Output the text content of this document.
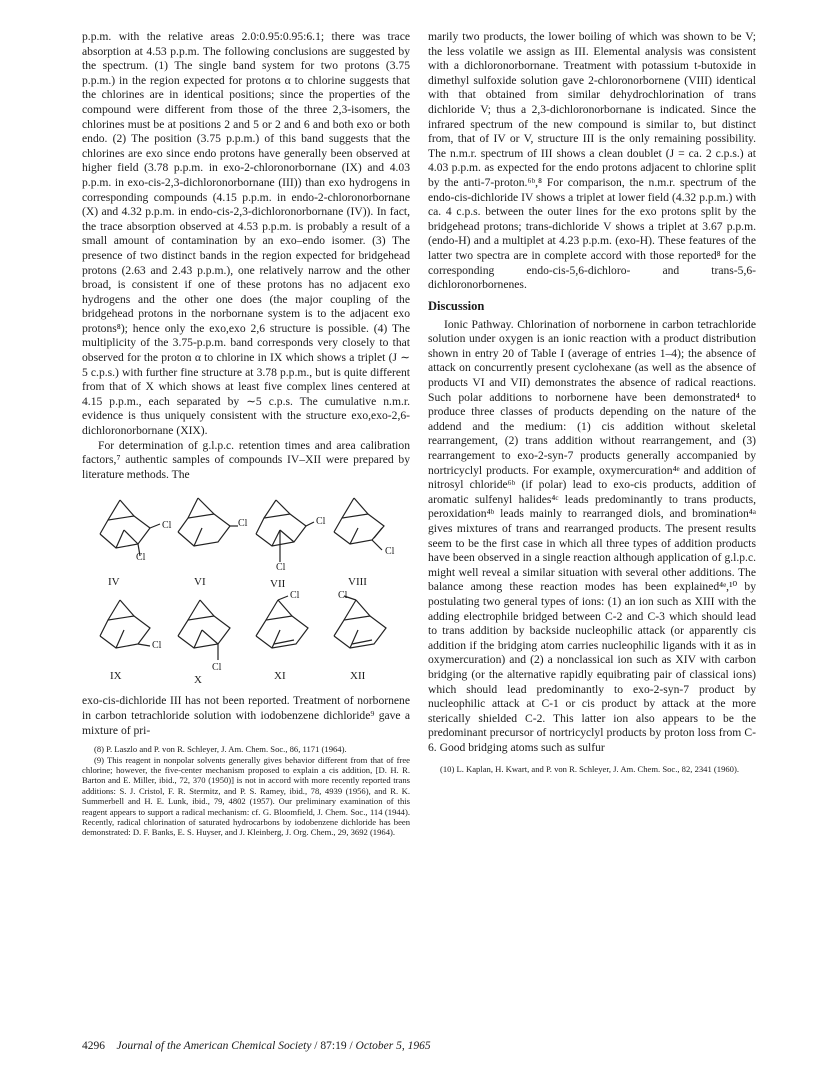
p.p.m. with the relative areas 2.0:0.95:0.95:6.1; there was trace absorption at 4.53 p.p.m. The following conclusions are suggested by the spectrum. (1) The single band system for two protons (3.75 p.p.m.) in the region expected for protons α to chlorine suggests that the chlorines are in identical positions; since the properties of the compound were different from those of the three 2,3-isomers, the chlorines must be at positions 2 and 5 or 2 and 6 and both exo or both endo. (2) The position (3.75 p.p.m.) of this band suggests that the chlorines are exo since endo protons have generally been observed at higher field (3.78 p.p.m. in exo-2-chloronorbornane (IX) and 4.03 p.p.m. in exo-cis-2,3-dichloronorbornane (III)) than exo hydrogens in corresponding compounds (4.15 p.p.m. in endo-2-chloronorbornane (X) and 4.32 p.p.m. in endo-cis-2,3-dichloronorbornane (IV)). In fact, the trace absorption observed at 4.53 p.p.m. is probably a result of a small amount of contamination by an exo–endo isomer. (3) The presence of two distinct bands in the region expected for bridgehead protons (2.63 and 2.43 p.p.m.), one relatively narrow and the other broad, is consistent if one of these protons has no adjacent exo hydrogens and the other one does (the major coupling of the bridgehead protons in the norbornane system is to the adjacent exo protons⁸); hence only the exo,exo 2,6 structure is possible. (4) The multiplicity of the 3.75-p.p.m. band corresponds very closely to that observed for the proton α to chlorine in IX which shows a triplet (J ∼ 5 c.p.s.) with further fine structure at 3.78 p.p.m., but is quite different from that of X which shows at least five complex lines centered at 4.15 p.p.m., each separated by ∼5 c.p.s. The cumulative n.m.r. evidence is thus uniquely consistent with the structure exo,exo-2,6-dichloronorbornane (XIX).

For determination of g.l.p.c. retention times and area calibration factors,⁷ authentic samples of compounds IV–XII were prepared by literature methods. The

Cl
Cl
Cl	Cl
Cl
Cl
Cl
Cl
Cl	Cl
IV	VI	VII	VIII
IX	X	XI	XII

exo-cis-dichloride III has not been reported. Treatment of norbornene in carbon tetrachloride solution with iodobenzene dichloride⁹ gave a mixture of pri-

(8) P. Laszlo and P. von R. Schleyer, J. Am. Chem. Soc., 86, 1171 (1964).

(9) This reagent in nonpolar solvents generally gives behavior different from that of free chlorine; however, the five-center mechanism proposed to explain a cis addition, [D. H. R. Barton and E. Miller, ibid., 72, 370 (1950)] is not in accord with more recently reported trans additions: S. J. Cristol, F. R. Stermitz, and P. S. Ramey, ibid., 78, 4939 (1956), and R. K. Summerbell and H. E. Lunk, ibid., 79, 4802 (1957). Our preliminary examination of this reagent appears to support a radical mechanism: cf. G. Bloomfield, J. Chem. Soc., 114 (1944). Recently, radical chlorination of saturated hydrocarbons by iodobenzene dichloride has been demonstrated: D. F. Banks, E. S. Huyser, and J. Kleinberg, J. Org. Chem., 29, 3692 (1964).

marily two products, the lower boiling of which was shown to be V; the less volatile we assign as III. Elemental analysis was consistent with a dichloronorbornane. Treatment with potassium t-butoxide in dimethyl sulfoxide solution gave 2-chloronorbornene (VIII) identical with that obtained from similar dehydrochlorination of trans dichloride V; thus a 2,3-dichloronorbornane is indicated. Since the infrared spectrum of the new compound is similar to, but distinct from, that of IV or V, structure III is the only remaining possibility. The n.m.r. spectrum of III shows a clean doublet (J = ca. 2 c.p.s.) at 4.03 p.p.m. as expected for the endo protons adjacent to chlorine split by the anti-7-proton.⁶ᵇ,⁸ For comparison, the n.m.r. spectrum of the endo-cis-dichloride IV shows a triplet at lower field (4.32 p.p.m.) with ca. 4 c.p.s. between the outer lines for the exo protons split by the bridgehead protons; trans-dichloride V shows a triplet at 3.67 p.p.m. (endo-H) and a multiplet at 4.23 p.p.m. (exo-H). These features of the latter two spectra are in complete accord with those reported⁸ for the corresponding endo-cis-5,6-dichloro- and trans-5,6-dichloronorbornenes.

Discussion

Ionic Pathway. Chlorination of norbornene in carbon tetrachloride solution under oxygen is an ionic reaction with a product distribution shown in entry 20 of Table I (average of entries 1–4); the absence of attack on concurrently present cyclohexane (as well as the absence of products VI and VII) demonstrates the absence of radical reactions. Such polar additions to norbornene have been demonstrated⁴ to produce three classes of products depending on the nature of the addend and the medium: (1) cis addition without skeletal rearrangement, (2) trans addition without rearrangement, and (3) rearrangement to exo-2-syn-7 products generally accompanied by nortricyclyl products. For example, oxymercuration⁴ᵉ and addition of nitrosyl chloride⁶ᵇ (if polar) lead to exo-cis products, addition of aromatic sulfenyl halides⁴ᶜ leads predominantly to trans products, peroxidation⁴ᵇ leads mainly to rearranged diols, and bromination⁴ᵃ gives mixtures of trans and rearranged products. The present results seem to be the first case in which all three types of addition products have been observed in a single reaction although application of g.l.p.c. might well reveal a similar situation with several other additions. The balance among these reaction modes has been explained⁴ᵉ,¹⁰ by postulating two general types of ions: (1) an ion such as XIII with the adding electrophile bridged between C-2 and C-3 which should lead to trans addition by backside nucleophilic attack (or apparently cis addition if the bridging atom carries nucleophilic ligands with it as in oxymercuration) and (2) a nonclassical ion such as XIV with carbon bridging (or the alternative rapidly equibrating pair of classical ions) which should lead predominantly to exo-2-syn-7 product by nucleophilic attack at C-1 or cis product by attack at the more sterically shielded C-2. This latter ion also appears to be the predominant precursor of nortricyclyl products by proton loss from C-6. Good bridging atoms such as sulfur

(10) L. Kaplan, H. Kwart, and P. von R. Schleyer, J. Am. Chem. Soc., 82, 2341 (1960).

4296 Journal of the American Chemical Society / 87:19 / October 5, 1965
